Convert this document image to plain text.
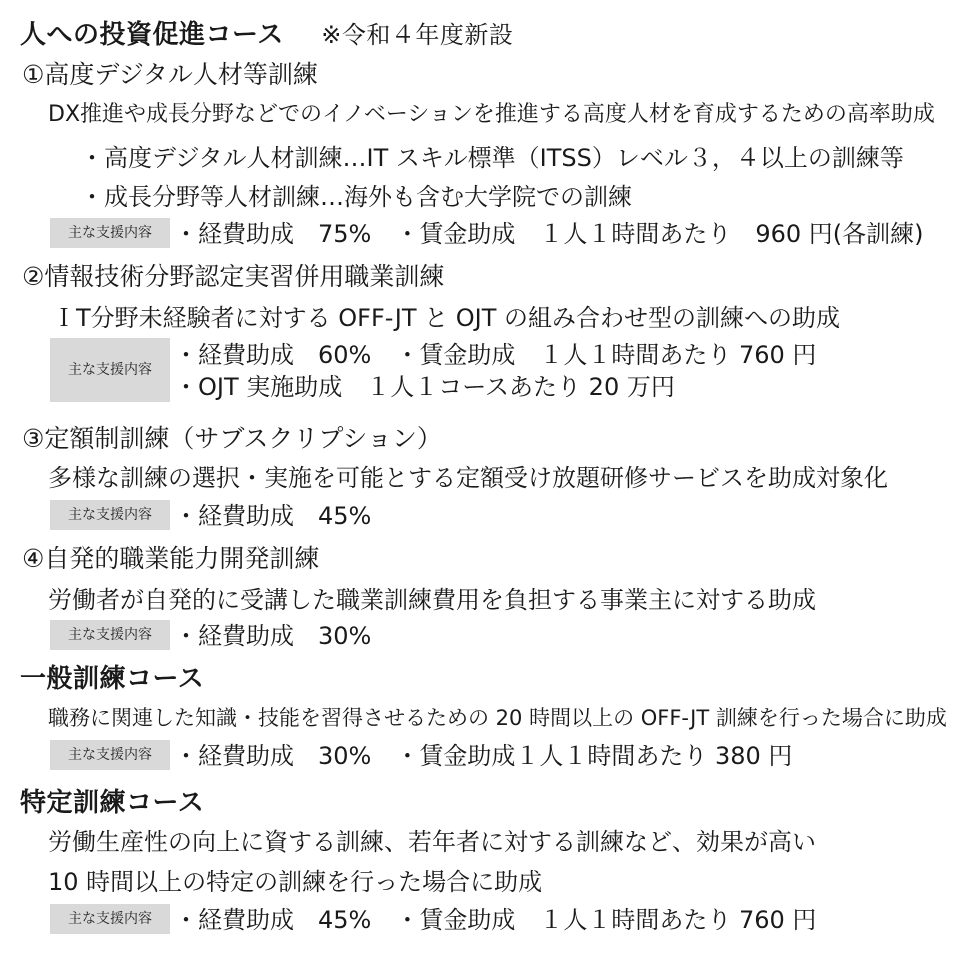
人への投資促進コース ※令和４年度新設
①高度デジタル人材等訓練
DX推進や成長分野などでのイノベーションを推進する高度人材を育成するための高率助成
・高度デジタル人材訓練…IT スキル標準（ITSS）レベル３，４以上の訓練等
・成長分野等人材訓練…海外も含む大学院での訓練
主な支援内容 ・経費助成　75%　・賃金助成　１人１時間あたり　960 円(各訓練)
②情報技術分野認定実習併用職業訓練
ＩT分野未経験者に対する OFF-JT と OJT の組み合わせ型の訓練への助成
主な支援内容
・経費助成　60%　・賃金助成　１人１時間あたり 760 円
・OJT 実施助成　１人１コースあたり 20 万円
③定額制訓練（サブスクリプション）
多様な訓練の選択・実施を可能とする定額受け放題研修サービスを助成対象化
主な支援内容 ・経費助成　45%
④自発的職業能力開発訓練
労働者が自発的に受講した職業訓練費用を負担する事業主に対する助成
主な支援内容 ・経費助成　30%
一般訓練コース
職務に関連した知識・技能を習得させるための 20 時間以上の OFF-JT 訓練を行った場合に助成
主な支援内容 ・経費助成　30%　・賃金助成１人１時間あたり 380 円
特定訓練コース
労働生産性の向上に資する訓練、若年者に対する訓練など、効果が高い
10 時間以上の特定の訓練を行った場合に助成
主な支援内容 ・経費助成　45%　・賃金助成　１人１時間あたり 760 円
